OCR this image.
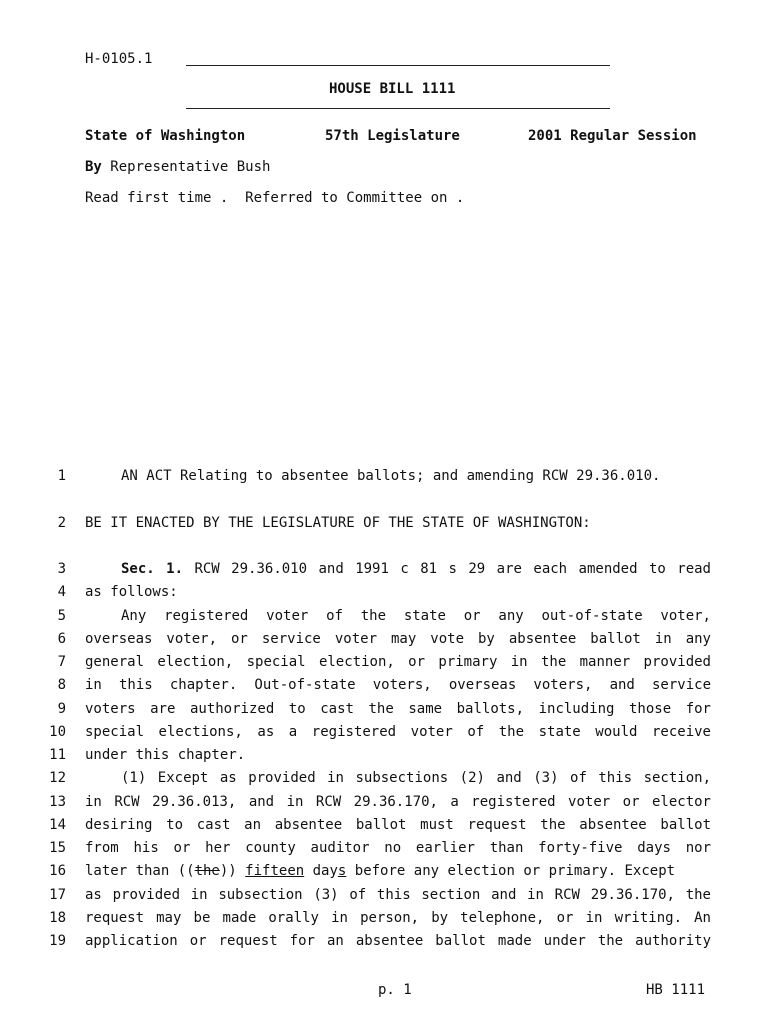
H-0105.1
HOUSE BILL 1111
State of Washington	57th Legislature	2001 Regular Session
By Representative Bush
Read first time .  Referred to Committee on .
1	AN ACT Relating to absentee ballots; and amending RCW 29.36.010.
2 BE IT ENACTED BY THE LEGISLATURE OF THE STATE OF WASHINGTON:
3	Sec. 1. RCW 29.36.010 and 1991 c 81 s 29 are each amended to read
4 as follows:
5	Any registered voter of the state or any out-of-state voter,
6 overseas voter, or service voter may vote by absentee ballot in any
7 general election, special election, or primary in the manner provided
8 in this chapter. Out-of-state voters, overseas voters, and service
9 voters are authorized to cast the same ballots, including those for
10 special elections, as a registered voter of the state would receive
11 under this chapter.
12	(1) Except as provided in subsections (2) and (3) of this section,
13 in RCW 29.36.013, and in RCW 29.36.170, a registered voter or elector
14 desiring to cast an absentee ballot must request the absentee ballot
15 from his or her county auditor no earlier than forty-five days nor
16 later than ((the)) fifteen days before any election or primary. Except
17 as provided in subsection (3) of this section and in RCW 29.36.170, the
18 request may be made orally in person, by telephone, or in writing. An
19 application or request for an absentee ballot made under the authority
p. 1	HB 1111
